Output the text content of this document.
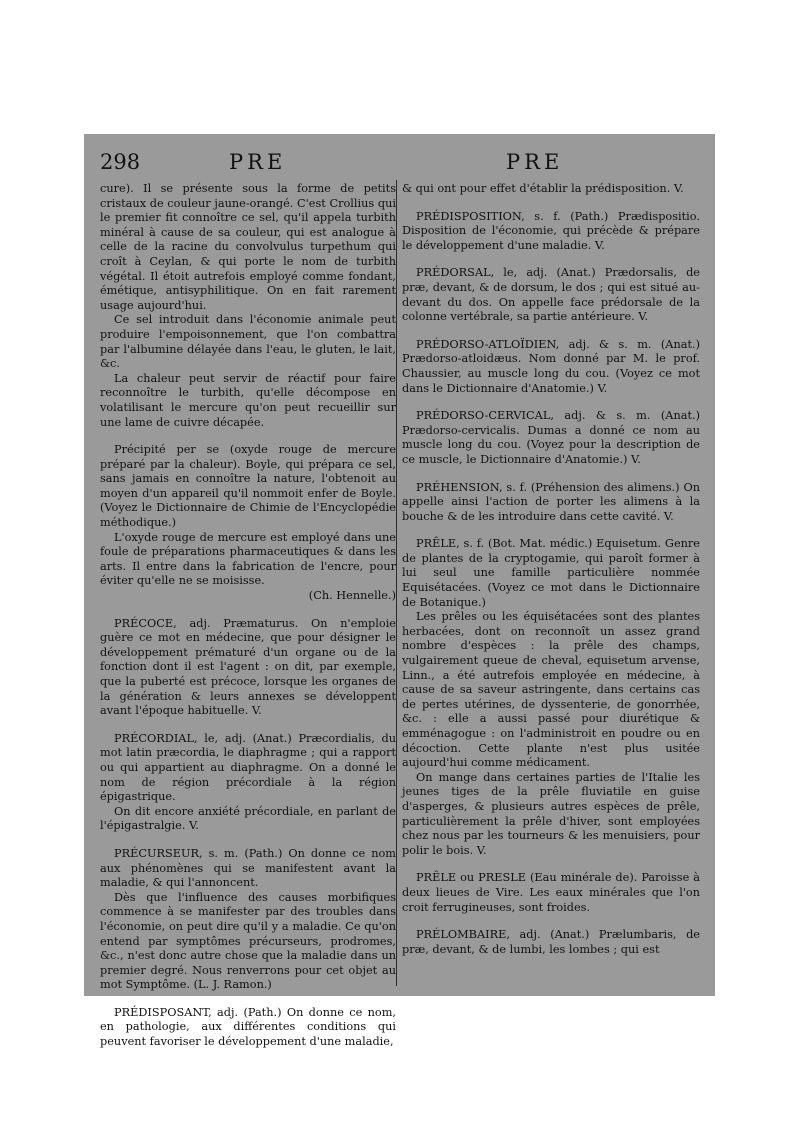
298	PRE	PRE

cure). Il se présente sous la forme de petits cristaux de couleur jaune-orangé. C'est Crollius qui le premier fit connoître ce sel, qu'il appela turbith minéral à cause de sa couleur, qui est analogue à celle de la racine du convolvulus turpethum qui croît à Ceylan, & qui porte le nom de turbith végétal. Il étoit autrefois employé comme fondant, émétique, antisyphilitique. On en fait rarement usage aujourd'hui.

Ce sel introduit dans l'économie animale peut produire l'empoisonnement, que l'on combattra par l'albumine délayée dans l'eau, le gluten, le lait, &c.

La chaleur peut servir de réactif pour faire reconnoître le turbith, qu'elle décompose en volatilisant le mercure qu'on peut recueillir sur une lame de cuivre décapée.

Précipité per se (oxyde rouge de mercure préparé par la chaleur). Boyle, qui prépara ce sel, sans jamais en connoître la nature, l'obtenoit au moyen d'un appareil qu'il nommoit enfer de Boyle. (Voyez le Dictionnaire de Chimie de l'Encyclopédie méthodique.)

L'oxyde rouge de mercure est employé dans une foule de préparations pharmaceutiques & dans les arts. Il entre dans la fabrication de l'encre, pour éviter qu'elle ne se moisisse.

(Ch. Hennelle.)

PRÉCOCE, adj. Præmaturus. On n'emploie guère ce mot en médecine, que pour désigner le développement prématuré d'un organe ou de la fonction dont il est l'agent : on dit, par exemple, que la puberté est précoce, lorsque les organes de la génération & leurs annexes se développent avant l'époque habituelle. V.

PRÉCORDIAL, le, adj. (Anat.) Præcordialis, du mot latin præcordia, le diaphragme ; qui a rapport ou qui appartient au diaphragme. On a donné le nom de région précordiale à la région épigastrique.

On dit encore anxiété précordiale, en parlant de l'épigastralgie. V.

PRÉCURSEUR, s. m. (Path.) On donne ce nom aux phénomènes qui se manifestent avant la maladie, & qui l'annoncent.

Dès que l'influence des causes morbifiques commence à se manifester par des troubles dans l'économie, on peut dire qu'il y a maladie. Ce qu'on entend par symptômes précurseurs, prodromes, &c., n'est donc autre chose que la maladie dans un premier degré. Nous renverrons pour cet objet au mot Symptôme. (L. J. Ramon.)

PRÉDISPOSANT, adj. (Path.) On donne ce nom, en pathologie, aux différentes conditions qui peuvent favoriser le développement d'une maladie,

& qui ont pour effet d'établir la prédisposition. V.

PRÉDISPOSITION, s. f. (Path.) Prædispositio. Disposition de l'économie, qui précède & prépare le développement d'une maladie. V.

PRÉDORSAL, le, adj. (Anat.) Prædorsalis, de præ, devant, & de dorsum, le dos ; qui est situé au-devant du dos. On appelle face prédorsale de la colonne vertébrale, sa partie antérieure. V.

PRÉDORSO-ATLOÏDIEN, adj. & s. m. (Anat.) Prædorso-atloidæus. Nom donné par M. le prof. Chaussier, au muscle long du cou. (Voyez ce mot dans le Dictionnaire d'Anatomie.) V.

PRÉDORSO-CERVICAL, adj. & s. m. (Anat.) Prædorso-cervicalis. Dumas a donné ce nom au muscle long du cou. (Voyez pour la description de ce muscle, le Dictionnaire d'Anatomie.) V.

PRÉHENSION, s. f. (Préhension des alimens.) On appelle ainsi l'action de porter les alimens à la bouche & de les introduire dans cette cavité. V.

PRÊLE, s. f. (Bot. Mat. médic.) Equisetum. Genre de plantes de la cryptogamie, qui paroît former à lui seul une famille particulière nommée Equisétacées. (Voyez ce mot dans le Dictionnaire de Botanique.)

Les prêles ou les équisétacées sont des plantes herbacées, dont on reconnoît un assez grand nombre d'espèces : la prêle des champs, vulgairement queue de cheval, equisetum arvense, Linn., a été autrefois employée en médecine, à cause de sa saveur astringente, dans certains cas de pertes utérines, de dyssenterie, de gonorrhée, &c. : elle a aussi passé pour diurétique & emménagogue : on l'administroit en poudre ou en décoction. Cette plante n'est plus usitée aujourd'hui comme médicament.

On mange dans certaines parties de l'Italie les jeunes tiges de la prêle fluviatile en guise d'asperges, & plusieurs autres espèces de prêle, particulièrement la prêle d'hiver, sont employées chez nous par les tourneurs & les menuisiers, pour polir le bois. V.

PRÊLE ou PRESLE (Eau minérale de). Paroisse à deux lieues de Vire. Les eaux minérales que l'on croit ferrugineuses, sont froides.

PRÉLOMBAIRE, adj. (Anat.) Prælumbaris, de præ, devant, & de lumbi, les lombes ; qui est
